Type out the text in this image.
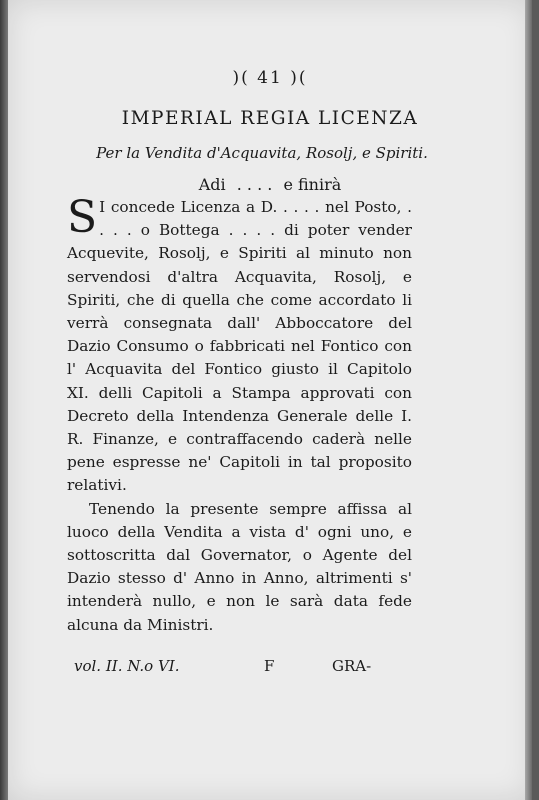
)( 41 )(
IMPERIAL REGIA LICENZA
Per la Vendita d'Acquavita, Rosolj, e Spiriti.
Adi . . . . e finirà

S I concede Licenza a D. . . . . nel Posto, . . . . o Bottega . . . . di poter vender Acquevite, Rosolj, e Spiriti al minuto non servendosi d'altra Acquavita, Rosolj, e Spiriti, che di quella che come accordato li verrà consegnata dall' Abboccatore del Dazio Consumo o fabbricati nel Fontico con l' Acquavita del Fontico giusto il Capitolo XI. delli Capitoli a Stampa approvati con Decreto della Intendenza Generale delle I. R. Finanze, e contraffacendo caderà nelle pene espresse ne' Capitoli in tal proposito relativi.

Tenendo la presente sempre affissa al luoco della Vendita a vista d' ogni uno, e sottoscritta dal Governator, o Agente del Dazio stesso d' Anno in Anno, altrimenti s' intenderà nullo, e non le sarà data fede alcuna da Ministri.

vol. II. N.o VI.	F	GRA-
